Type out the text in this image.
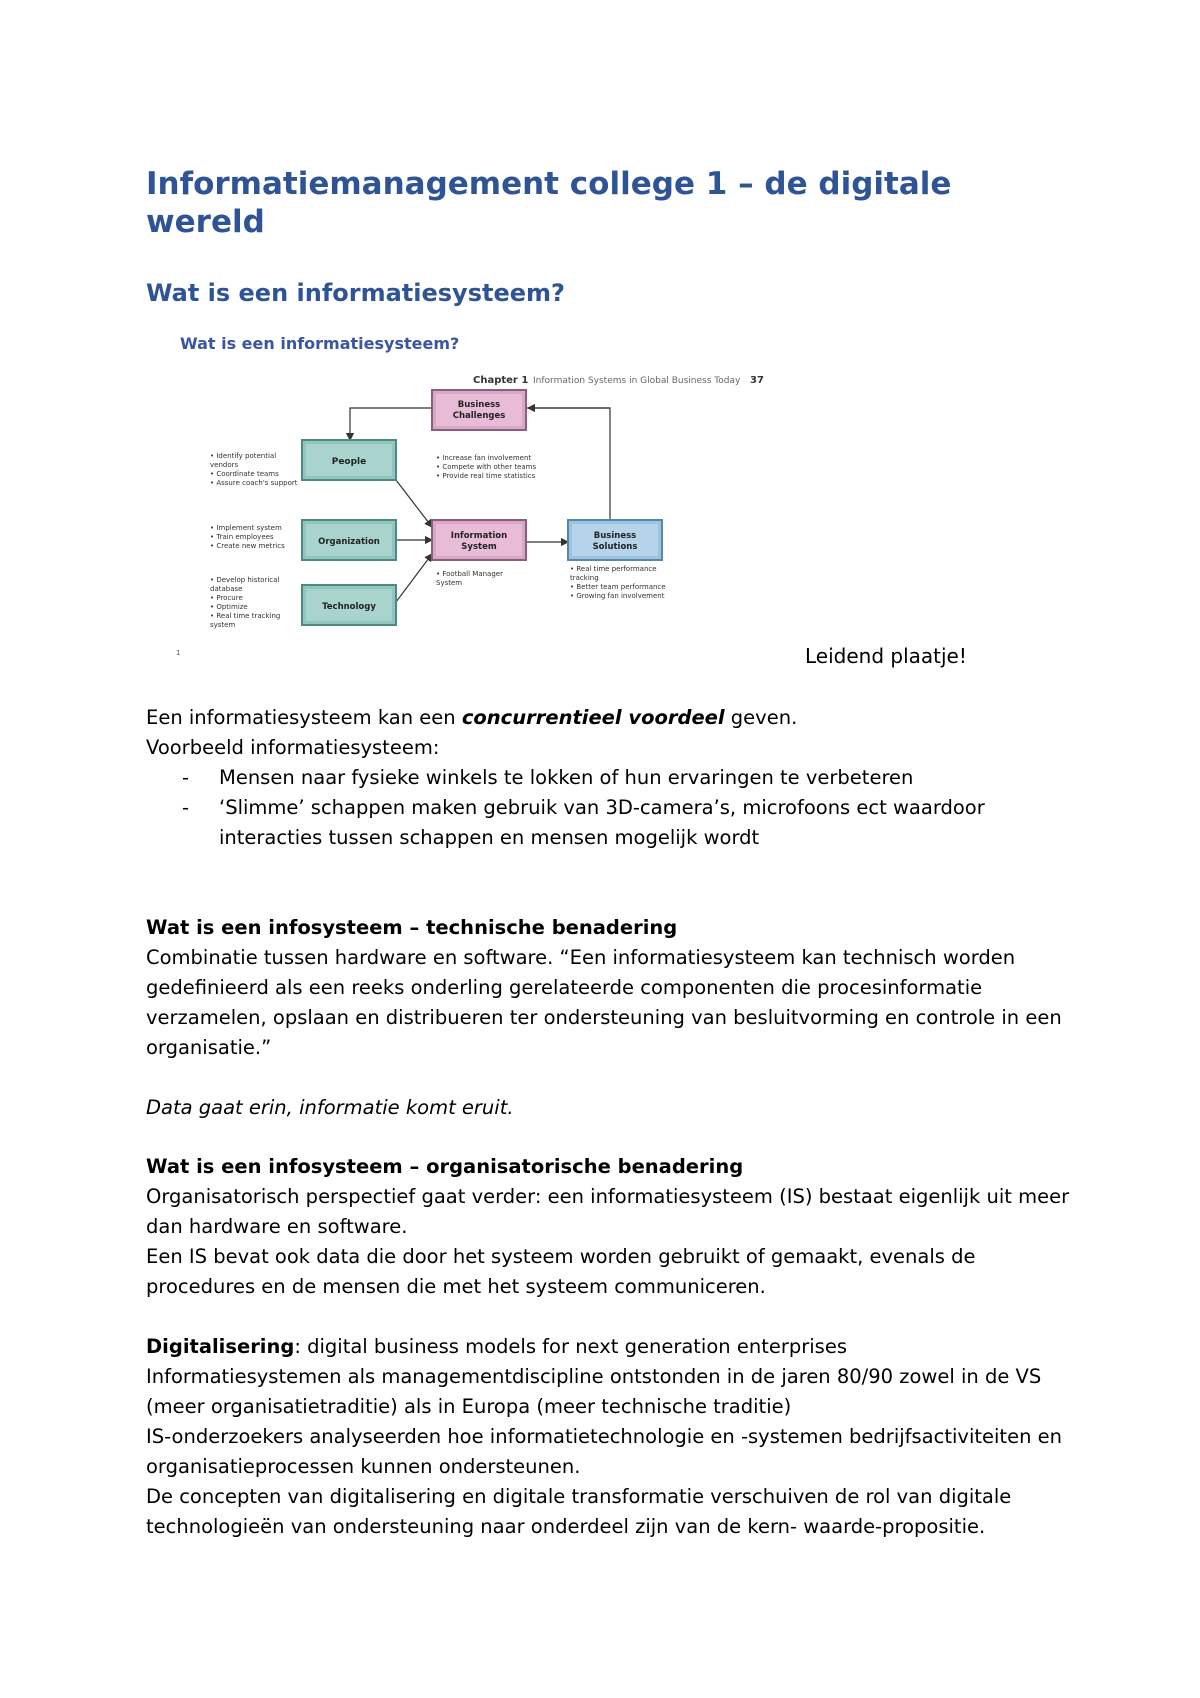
Informatiemanagement college 1 – de digitale wereld
Wat is een informatiesysteem?
Wat is een informatiesysteem?
Chapter 1 Information Systems in Global Business Today 37
Business
Challenges
People
Organization
Technology
Information
System
Business
Solutions
• Identify potential
vendors
• Coordinate teams
• Assure coach's support
• Implement system
• Train employees
• Create new metrics
• Develop historical
database
• Procure
• Optimize
• Real time tracking
system
• Increase fan involvement
• Compete with other teams
• Provide real time statistics
• Football Manager
System
• Real time performance
tracking
• Better team performance
• Growing fan involvement
1	Leidend plaatje!

Een informatiesysteem kan een concurrentieel voordeel geven.

Voorbeeld informatiesysteem:

- Mensen naar fysieke winkels te lokken of hun ervaringen te verbeteren

- ‘Slimme’ schappen maken gebruik van 3D-camera’s, microfoons ect waardoor interacties tussen schappen en mensen mogelijk wordt

Wat is een infosysteem – technische benadering

Combinatie tussen hardware en software. “Een informatiesysteem kan technisch worden gedefinieerd als een reeks onderling gerelateerde componenten die procesinformatie verzamelen, opslaan en distribueren ter ondersteuning van besluitvorming en controle in een organisatie.”

Data gaat erin, informatie komt eruit.

Wat is een infosysteem – organisatorische benadering

Organisatorisch perspectief gaat verder: een informatiesysteem (IS) bestaat eigenlijk uit meer dan hardware en software.

Een IS bevat ook data die door het systeem worden gebruikt of gemaakt, evenals de procedures en de mensen die met het systeem communiceren.

Digitalisering: digital business models for next generation enterprises

Informatiesystemen als managementdiscipline ontstonden in de jaren 80/90 zowel in de VS (meer organisatietraditie) als in Europa (meer technische traditie)

IS-onderzoekers analyseerden hoe informatietechnologie en -systemen bedrijfsactiviteiten en organisatieprocessen kunnen ondersteunen.

De concepten van digitalisering en digitale transformatie verschuiven de rol van digitale technologieën van ondersteuning naar onderdeel zijn van de kern- waarde-propositie.
